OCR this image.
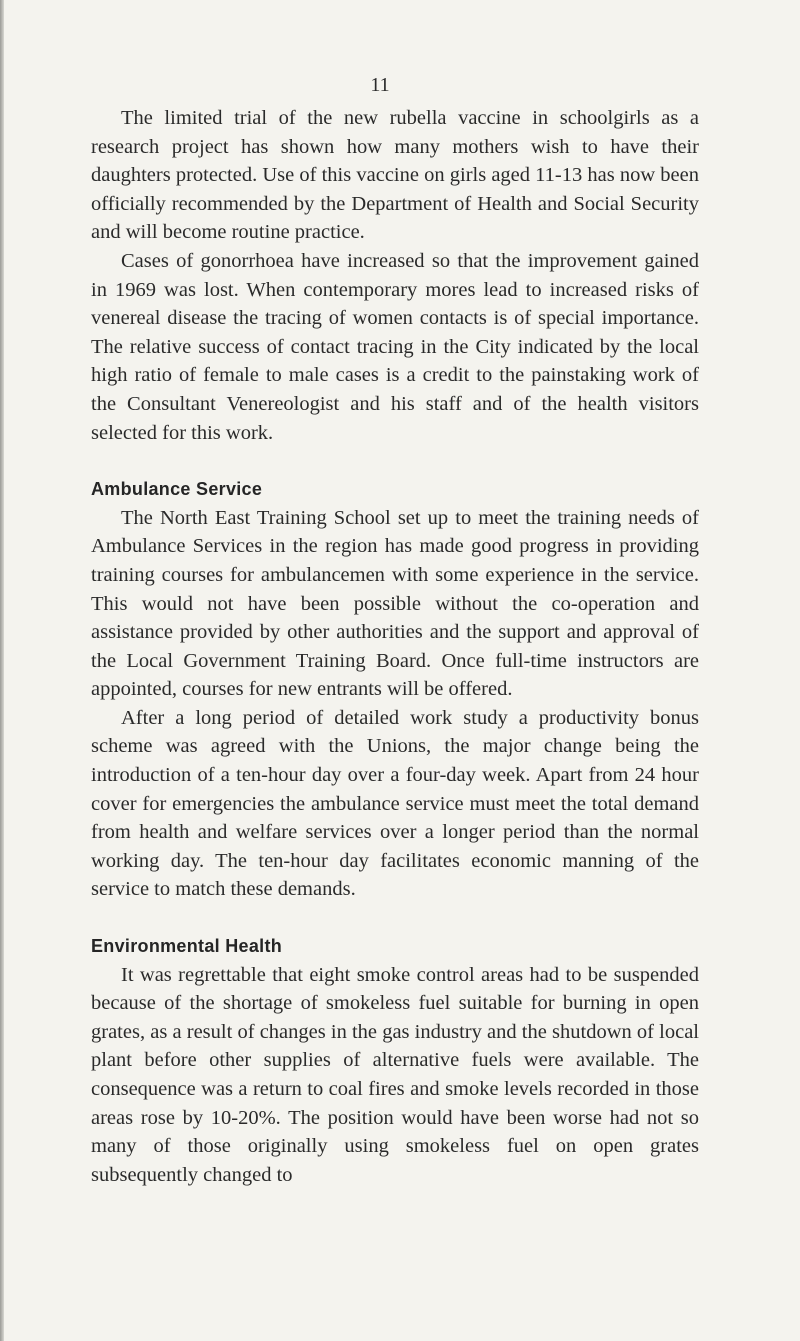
11

The limited trial of the new rubella vaccine in schoolgirls as a research project has shown how many mothers wish to have their daughters protected. Use of this vaccine on girls aged 11-13 has now been officially recommended by the Department of Health and Social Security and will become routine practice.

Cases of gonorrhoea have increased so that the improvement gained in 1969 was lost. When contemporary mores lead to increased risks of venereal disease the tracing of women contacts is of special importance. The relative success of contact tracing in the City indicated by the local high ratio of female to male cases is a credit to the painstaking work of the Consultant Venereologist and his staff and of the health visitors selected for this work.

Ambulance Service

The North East Training School set up to meet the training needs of Ambulance Services in the region has made good progress in providing training courses for ambulancemen with some experience in the service. This would not have been possible without the co-operation and assistance provided by other authorities and the support and approval of the Local Government Training Board. Once full-time instructors are appointed, courses for new entrants will be offered.

After a long period of detailed work study a productivity bonus scheme was agreed with the Unions, the major change being the introduction of a ten-hour day over a four-day week. Apart from 24 hour cover for emergencies the ambulance service must meet the total demand from health and welfare services over a longer period than the normal working day. The ten-hour day facilitates economic manning of the service to match these demands.

Environmental Health

It was regrettable that eight smoke control areas had to be suspended because of the shortage of smokeless fuel suitable for burning in open grates, as a result of changes in the gas industry and the shutdown of local plant before other supplies of alternative fuels were available. The consequence was a return to coal fires and smoke levels recorded in those areas rose by 10-20%. The position would have been worse had not so many of those originally using smokeless fuel on open grates subsequently changed to
